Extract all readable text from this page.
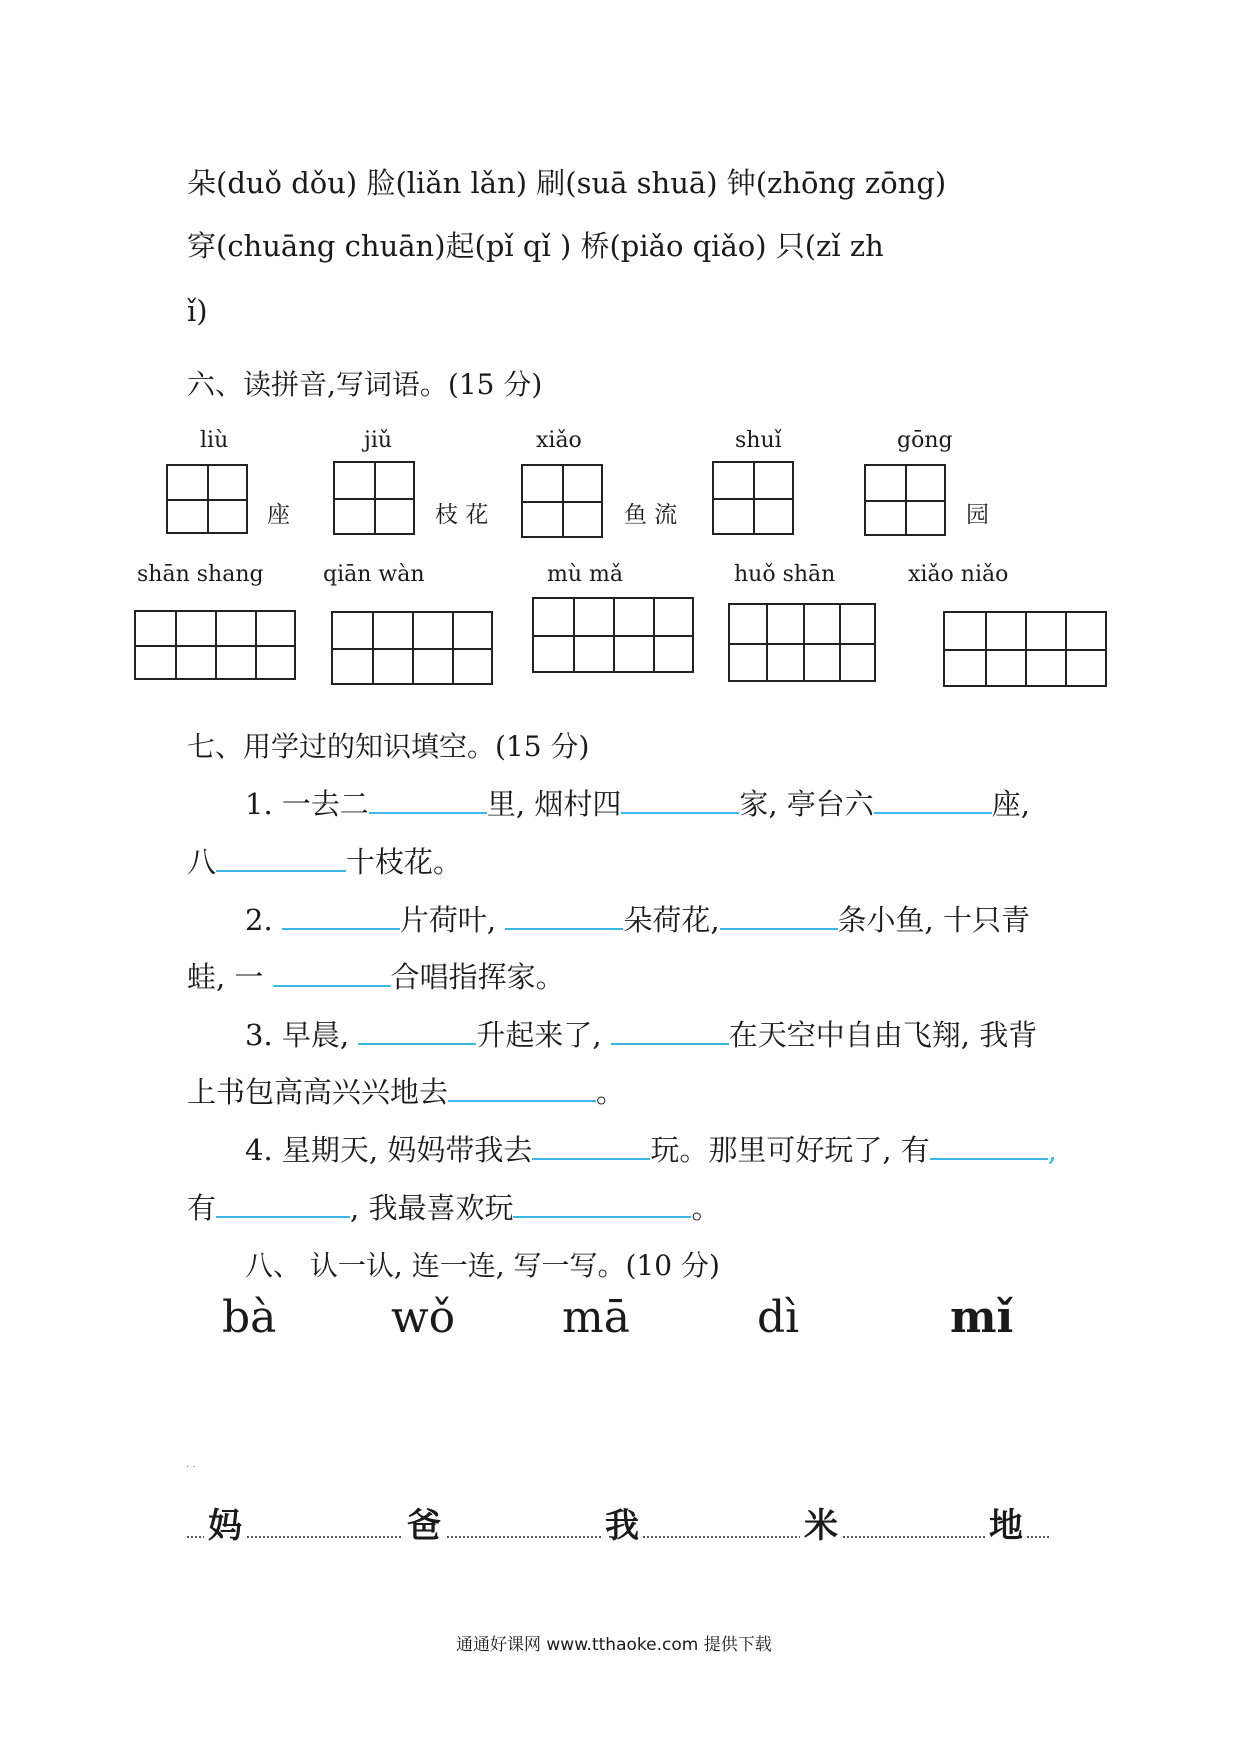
朵(duǒ dǒu) 脸(liǎn lǎn) 刷(suā shuā) 钟(zhōng zōng)
穿(chuāng chuān)起(pǐ qǐ ) 桥(piǎo qiǎo) 只(zǐ zh
ǐ)
六、读拼音,写词语。(15 分)
liù	jiǔ	xiǎo	shuǐ	gōng
座	枝 花	鱼 流	园
shān shang	qiān wàn	mù mǎ	huǒ shān	xiǎo niǎo
七、用学过的知识填空。(15 分)
1. 一去二	里, 烟村四	家, 亭台六	座,
八	十枝花。
2.	片荷叶,	朵荷花,	条小鱼, 十只青
蛙, 一	合唱指挥家。
3. 早晨,	升起来了,	在天空中自由飞翔, 我背
上书包高高兴兴地去	。
4. 星期天, 妈妈带我去	玩。那里可好玩了, 有	,
有	, 我最喜欢玩	。
八、 认一认, 连一连, 写一写。(10 分)
bà	wǒ mā	dì	mǐ
· ·
妈	爸	我	米	地
通通好课网 www.tthaoke.com 提供下载
